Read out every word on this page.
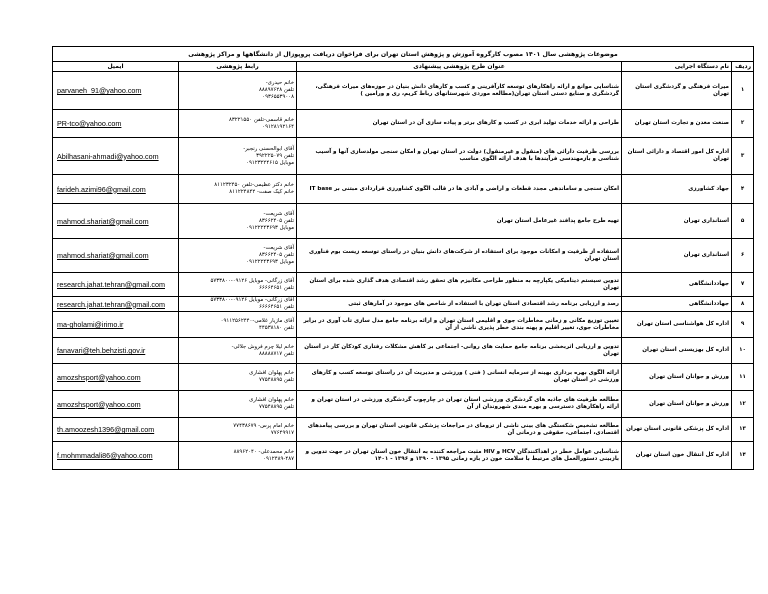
موضوعات پژوهشی سال ۱۴۰۱ مصوب کارگروه آموزش و پژوهش استان تهران برای فراخوان دریافت پروپوزال از دانشگاهها و مراکز پژوهشی				
ردیف	نام دستگاه اجرایی	عنوان طرح پژوهشی پیشنهادی	رابط پژوهشی	ایمیل
۱	میراث فرهنگی و گردشگری استان تهران	شناسایی موانع و ارائه راهکارهای توسعه کارآفرینی و کسب و کارهای دانش بنیان در حوزه‌های میراث فرهنگی، گردشگری و صنایع دستی استان تهران(مطالعه موردی شهرستانهای رباط کریم، ری و ورامین )	خانم حیدری-
تلفن ۸۸۸۹۷۶۲۸
۰۹۳۶۵۵۳۹۰۰۸	parvaneh_91@yahoo.com
۲	صنعت معدن و تجارت استان تهران	طراحی و ارائه خدمات تولید ابری در کسب و کارهای برتر و پیاده سازی آن در استان تهران	خانم قاسمی-تلفن ۸۳۲۲۱۵۵۰
۰۹۱۲۸۱۹۲۱۶۴	PR-tco@yahoo.com
۳	اداره کل امور اقتصاد و دارائی استان تهران	بررسی ظرفیت دارائی های (منقول و غیرمنقول) دولت در استان تهران و امکان سنجی مولدسازی آنها و آسیب شناسی و بازمهندسی فرآیندها با هدف ارائه الگوی مناسب	آقای ابوالحسنی رنجبر-
تلفن ۳۹۲۲۲۵۰۷۹
موبایل ۰۹۱۲۳۲۲۴۶۱۵	Abilhasani-ahmadi@yahoo.com
۴	جهاد کشاورزی	امکان سنجی و ساماندهی مجدد قطعات و اراضی و آبادی ها در قالب الگوی کشاورزی قراردادی مبتنی بر IT base	خانم دکتر عظیمی-تلفن ۸۱۱۲۳۲۴۵۰
خانم کیک صفت- ۸۱۱۲۲۴۸۴۲	farideh.azimi96@gmail.com
۵	استانداری تهران	تهیه طرح جامع پدافند غیرعامل استان تهران	آقای شریعت-
تلفن ۸۳۶۶۲۴۰۵
موبایل ۰۹۱۲۲۲۴۳۶۹۳	mahmod.shariat@gmail.com
۶	استانداری تهران	استفاده از ظرفیت و امکانات موجود برای استفاده از شرکت‌های دانش بنیان در راستای توسعه زیست بوم فناوری استان تهران	آقای شریعت-
تلفن ۸۳۶۶۲۴۰۵
موبایل ۰۹۱۲۲۲۴۳۶۹۳	mahmod.shariat@gmail.com
۷	جهاددانشگاهی	تدوین سیستم دینامیکی یکپارچه به منظور طراحی مکانیزم های تحقق رشد اقتصادی هدف گذاری شده برای استان تهران	آقای زرگانی- موبایل ۰۹۱۲۶-۵۷۳۳۸۰۰
تلفن ۶۶۶۶۴۶۵۱	research.jahat.tehran@gmail.com
۸	جهاددانشگاهی	رصد و ارزیابی برنامه رشد اقتصادی استان تهران با استفاده از شاخص های موجود در آمارهای ثبتی	آقای زرگانی- موبایل ۰۹۱۲۶-۵۷۳۳۸۰۰
تلفن ۶۶۶۶۴۶۵۱	research.jahat.tehran@gmail.com
۹	اداره کل هواشناسی استان تهران	تعیین توزیع مکانی و زمانی مخاطرات جوی و اقلیمی استان تهران و ارائه برنامه جامع مدل سازی تاب آوری در برابر مخاطرات جوی، تغییر اقلیم و پهنه بندی خطر پذیری ناشی از آن	آقای مازیار غلامی-۰۹۱۱۲۵۶۲۴۴۰
تلفن ۴۴۵۳۸۱۸۰	ma-gholami@irimo.ir
۱۰	اداره کل بهزیستی استان تهران	تدوین و ارزیابی اثربخشی برنامه جامع حمایت های روانی- اجتماعی بر کاهش مشکلات رفتاری کودکان کار در استان تهران	خانم لیلا چرم فروش جلالی-
تلفن ۸۸۸۸۸۷۱۷	fanavari@teh.behzisti.gov.ir
۱۱	ورزش و جوانان استان تهران	ارائه الگوی بهره برداری بهینه از سرمایه انسانی ( فنی ) ورزشی و مدیریت آن در راستای توسعه کسب و کارهای ورزشی در استان تهران	خانم پهلوان افشاری
تلفن ۷۷۵۴۸۸۹۵	amozshsport@yahoo.com
۱۲	ورزش و جوانان استان تهران	مطالعه ظرفیت های جاذبه های گردشگری ورزشی استان تهران در چارچوب گردشگری ورزشی در استان تهران و ارائه راهکارهای دسترسی و بهره مندی شهروندان از آن	خانم پهلوان افشاری
تلفن ۷۷۵۴۸۸۹۵	amozshsport@yahoo.com
۱۳	اداره کل پزشکی قانونی استان تهران	مطالعه تشخیص شکستگی های بینی ناشی از ترومای در مراجعات پزشکی قانونی استان تهران و بررسی پیامدهای اقتصادی، اجتماعی، حقوقی و درمانی آن	خانم امام پرس- ۷۷۴۳۸۶۷۹
۷۷۶۴۹۹۱۷	th.amoozesh1396@gmail.com
۱۴	اداره کل انتقال خون استان تهران	شناسایی عوامل خطر در اهداکنندگان HCV و HIV مثبت مراجعه کننده به انتقال خون استان تهران در جهت تدوین و بازبینی دستورالعمل های مرتبط با سلامت خون در بازه زمانی ۱۳۹۵ - ۱۳۹۰ و ۱۳۹۶ - ۱۴۰۱	خانم محمدعلی- ۸۸۹۶۲۰۴۰
۰۹۱۲۴۸۹-۴۸۷	f.mohmmadali86@yahoo.com
